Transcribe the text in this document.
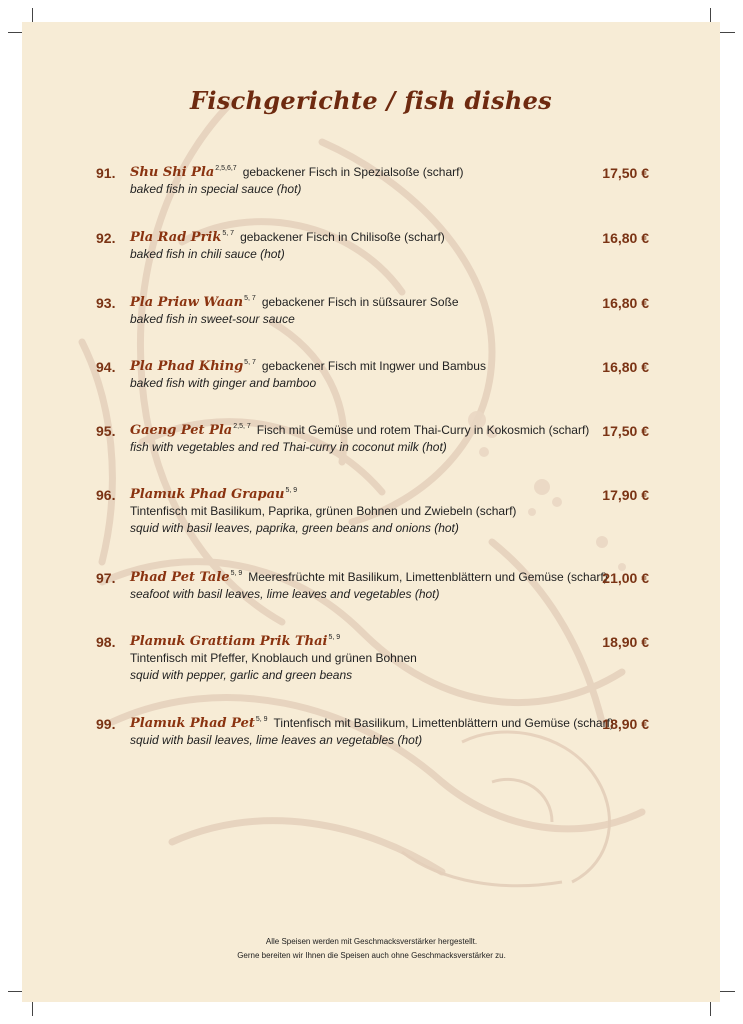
Fischgerichte / fish dishes
91. Shu Shi Pla$^{2,5,6,7}$ gebackener Fisch in Spezialsoße (scharf)
baked fish in special sauce (hot)
17,50 €
92. Pla Rad Prik$^{5, 7}$ gebackener Fisch in Chilisoße (scharf)
baked fish in chili sauce (hot)
16,80 €
93. Pla Priaw Waan$^{5, 7}$ gebackener Fisch in süßsaurer Soße
baked fish in sweet-sour sauce
16,80 €
94. Pla Phad Khing$^{5, 7}$ gebackener Fisch mit Ingwer und Bambus
baked fish with ginger and bamboo
16,80 €
95. Gaeng Pet Pla$^{2,5, 7}$ Fisch mit Gemüse und rotem Thai-Curry in Kokosmich (scharf)
fish with vegetables and red Thai-curry in coconut milk (hot)
17,50 €
96. Plamuk Phad Grapau$^{5, 9}$
Tintenfisch mit Basilikum, Paprika, grünen Bohnen und Zwiebeln (scharf)
squid with basil leaves, paprika, green beans and onions (hot)
17,90 €
97. Phad Pet Tale$^{5, 9}$ Meeresfrüchte mit Basilikum, Limettenblättern und Gemüse (scharf)
seafoot with basil leaves, lime leaves and vegetables (hot)
21,00 €
98. Plamuk Grattiam Prik Thai$^{5, 9}$
Tintenfisch mit Pfeffer, Knoblauch und grünen Bohnen
squid with pepper, garlic and green beans
18,90 €
99. Plamuk Phad Pet$^{5, 9}$ Tintenfisch mit Basilikum, Limettenblättern und Gemüse (scharf)
squid with basil leaves, lime leaves an vegetables (hot)
18,90 €
Alle Speisen werden mit Geschmacksverstärker hergestellt.
Gerne bereiten wir Ihnen die Speisen auch ohne Geschmacksverstärker zu.
